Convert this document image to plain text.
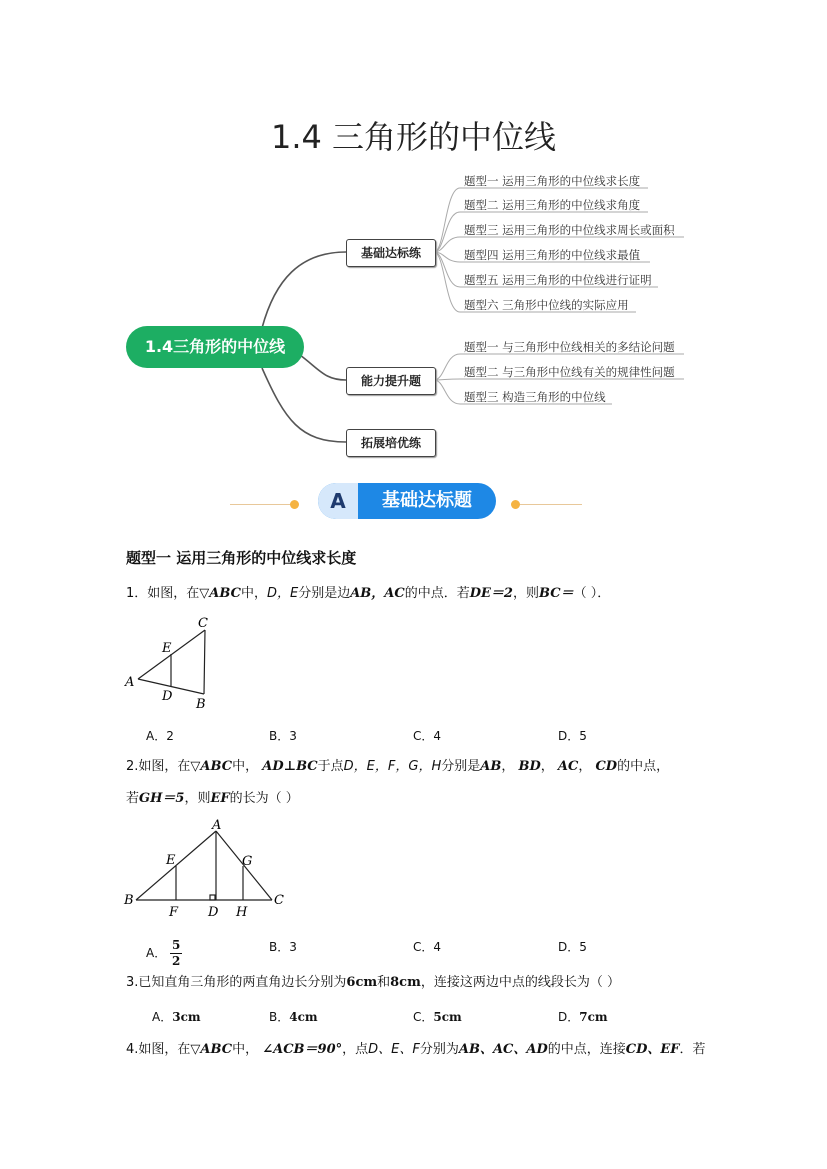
1.4 三角形的中位线
1.4三角形的中位线
基础达标练
能力提升题
拓展培优练
题型一 运用三角形的中位线求长度
题型二 运用三角形的中位线求角度
题型三 运用三角形的中位线求周长或面积
题型四 运用三角形的中位线求最值
题型五 运用三角形的中位线进行证明
题型六 三角形中位线的实际应用
题型一 与三角形中位线相关的多结论问题
题型二 与三角形中位线有关的规律性问题
题型三 构造三角形的中位线
A	基础达标题
题型一 运用三角形的中位线求长度
1．如图，在▽ABC中，D，E分别是边AB，AC的中点．若DE＝2，则BC＝（ ）．
C
E
A
D
B
A．2	B．3	C．4	D．5
2.如图，在▽ABC中， AD⊥BC于点D，E，F，G，H分别是AB， BD， AC， CD的中点，
若GH＝5，则EF的长为（ ）
A
E	G
B	C
F D H
A． $\frac{5}{2}$	B．3	C．4	D．5
3.已知直角三角形的两直角边长分别为6cm和8cm，连接这两边中点的线段长为（ ）
A．3cm	B．4cm	C．5cm	D．7cm
4.如图，在▽ABC中， ∠ACB＝90°，点D、E、F分别为AB、AC、AD的中点，连接CD、EF．若
